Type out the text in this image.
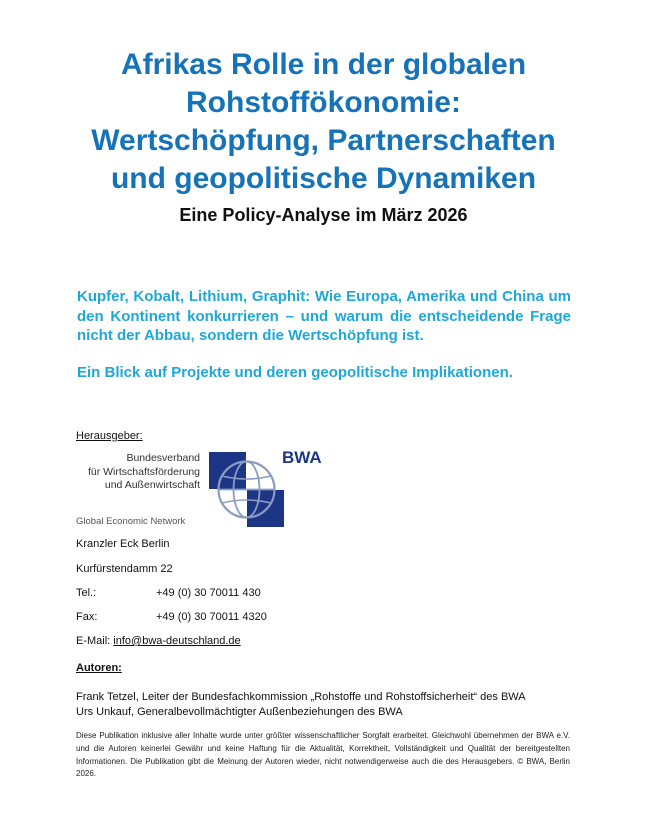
Afrikas Rolle in der globalen
Rohstoffökonomie:
Wertschöpfung, Partnerschaften
und geopolitische Dynamiken
Eine Policy-Analyse im März 2026

Kupfer, Kobalt, Lithium, Graphit: Wie Europa, Amerika und China um den Kontinent konkurrieren – und warum die entscheidende Frage nicht der Abbau, sondern die Wertschöpfung ist.

Ein Blick auf Projekte und deren geopolitische Implikationen.

Herausgeber:
Bundesverband
für Wirtschaftsförderung
und Außenwirtschaft
Global Economic Network
BWA
Kranzler Eck Berlin
Kurfürstendamm 22
Tel.:	+49 (0) 30 70011 430
Fax:	+49 (0) 30 70011 4320
E-Mail: info@bwa-deutschland.de
Autoren:
Frank Tetzel, Leiter der Bundesfachkommission „Rohstoffe und Rohstoffsicherheit“ des BWA
Urs Unkauf, Generalbevollmächtigter Außenbeziehungen des BWA
Diese Publikation inklusive aller Inhalte wurde unter größter wissenschaftlicher Sorgfalt erarbeitet. Gleichwohl übernehmen der BWA e.V. und die Autoren keinerlei Gewähr und keine Haftung für die Aktualität, Korrektheit, Vollständigkeit und Qualität der bereitgestellten Informationen. Die Publikation gibt die Meinung der Autoren wieder, nicht notwendigerweise auch die des Herausgebers. © BWA, Berlin 2026.
